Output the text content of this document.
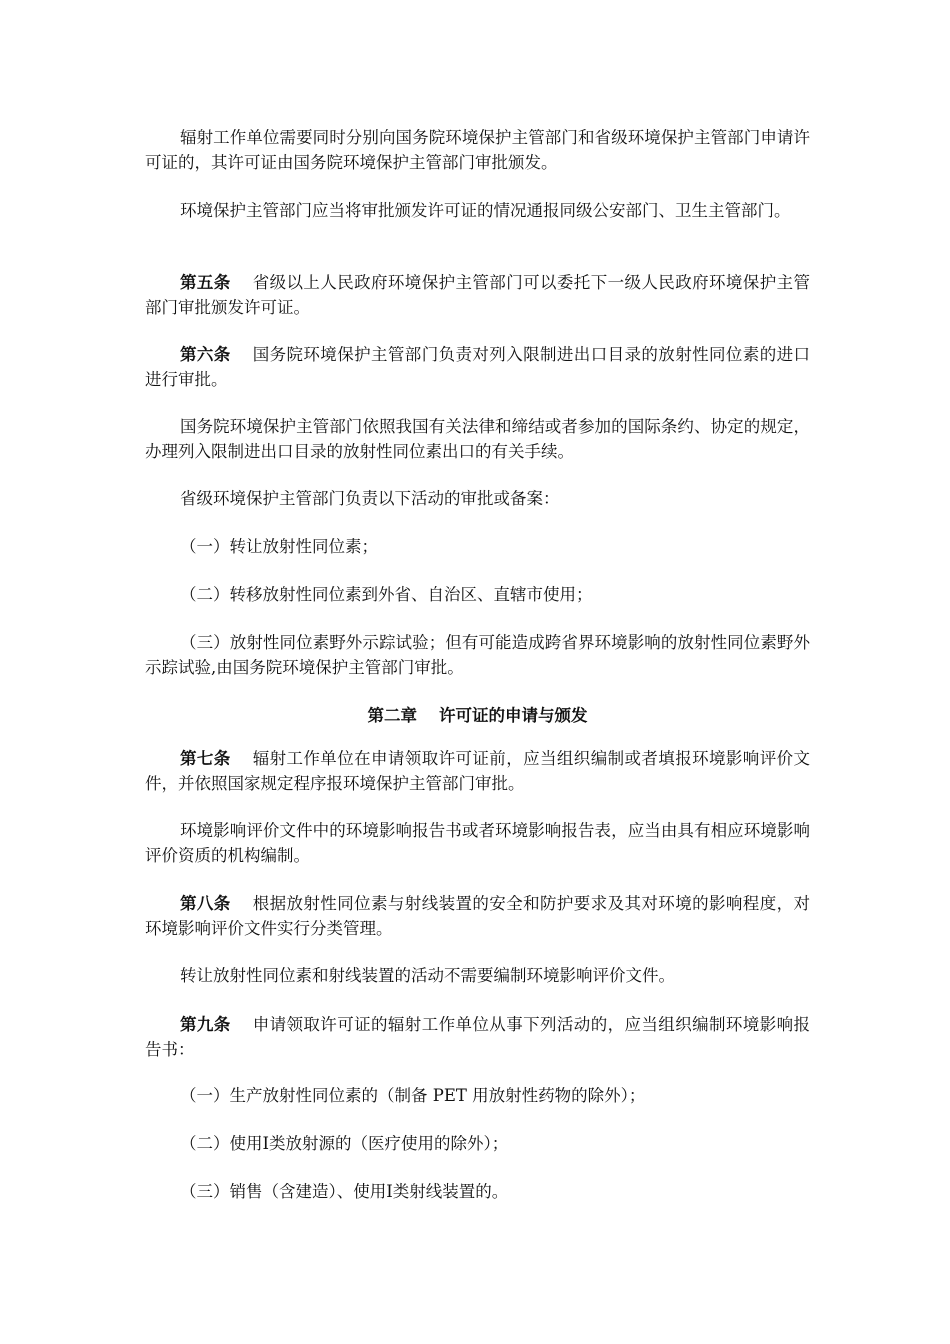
辐射工作单位需要同时分别向国务院环境保护主管部门和省级环境保护主管部门申请许可证的，其许可证由国务院环境保护主管部门审批颁发。

环境保护主管部门应当将审批颁发许可证的情况通报同级公安部门、卫生主管部门。

第五条 省级以上人民政府环境保护主管部门可以委托下一级人民政府环境保护主管部门审批颁发许可证。

第六条 国务院环境保护主管部门负责对列入限制进出口目录的放射性同位素的进口进行审批。

国务院环境保护主管部门依照我国有关法律和缔结或者参加的国际条约、协定的规定，办理列入限制进出口目录的放射性同位素出口的有关手续。

省级环境保护主管部门负责以下活动的审批或备案：

（一）转让放射性同位素；

（二）转移放射性同位素到外省、自治区、直辖市使用；

（三）放射性同位素野外示踪试验；但有可能造成跨省界环境影响的放射性同位素野外示踪试验,由国务院环境保护主管部门审批。

第二章 许可证的申请与颁发

第七条 辐射工作单位在申请领取许可证前，应当组织编制或者填报环境影响评价文件，并依照国家规定程序报环境保护主管部门审批。

环境影响评价文件中的环境影响报告书或者环境影响报告表，应当由具有相应环境影响评价资质的机构编制。

第八条 根据放射性同位素与射线装置的安全和防护要求及其对环境的影响程度，对环境影响评价文件实行分类管理。

转让放射性同位素和射线装置的活动不需要编制环境影响评价文件。

第九条 申请领取许可证的辐射工作单位从事下列活动的，应当组织编制环境影响报告书：

（一）生产放射性同位素的（制备 PET 用放射性药物的除外）；

（二）使用Ⅰ类放射源的（医疗使用的除外）；

（三）销售（含建造）、使用Ⅰ类射线装置的。
